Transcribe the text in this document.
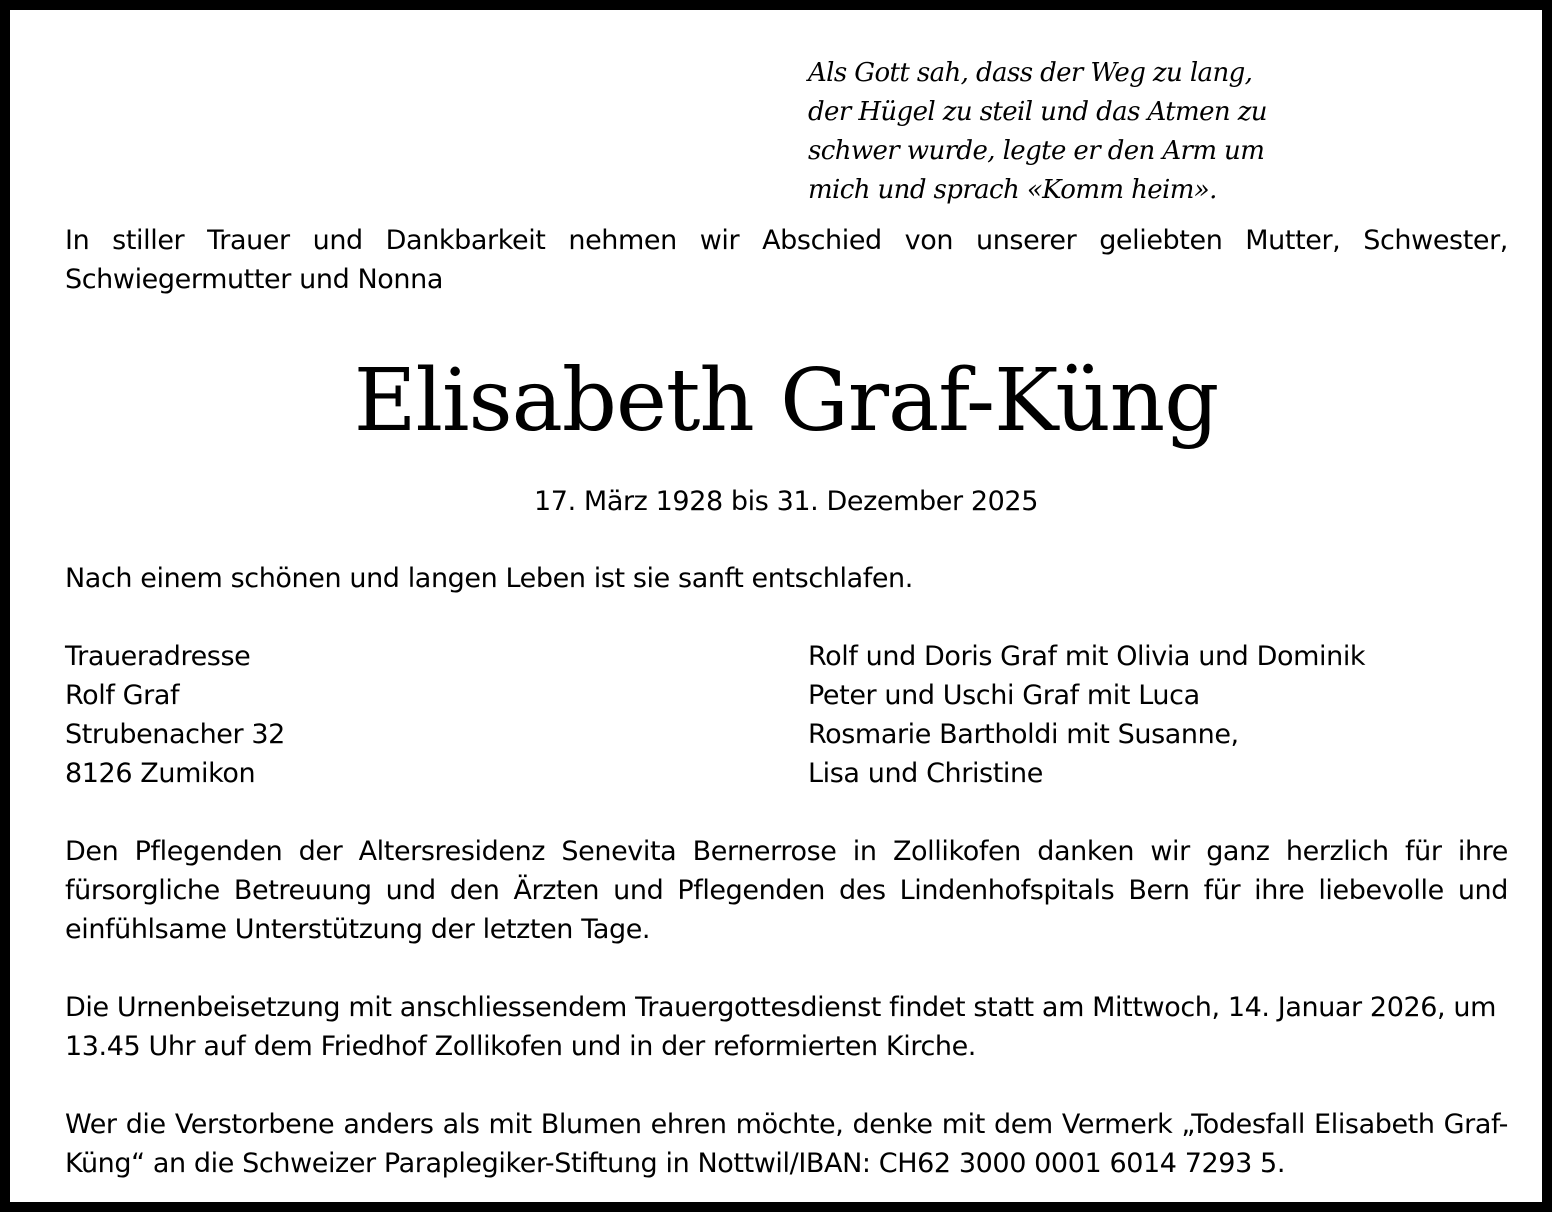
Als Gott sah, dass der Weg zu lang,
der Hügel zu steil und das Atmen zu
schwer wurde, legte er den Arm um
mich und sprach «Komm heim».
In stiller Trauer und Dankbarkeit nehmen wir Abschied von unserer geliebten Mutter, Schwester, Schwiegermutter und Nonna
Elisabeth Graf-Küng
17. März 1928 bis 31. Dezember 2025
Nach einem schönen und langen Leben ist sie sanft entschlafen.
Traueradresse
Rolf Graf
Strubenacher 32
8126 Zumikon
Rolf und Doris Graf mit Olivia und Dominik
Peter und Uschi Graf mit Luca
Rosmarie Bartholdi mit Susanne,
Lisa und Christine
Den Pflegenden der Altersresidenz Senevita Bernerrose in Zollikofen danken wir ganz herzlich für ihre fürsorgliche Betreuung und den Ärzten und Pflegenden des Lindenhofspitals Bern für ihre liebevolle und einfühlsame Unterstützung der letzten Tage.
Die Urnenbeisetzung mit anschliessendem Trauergottesdienst findet statt am Mittwoch, 14. Januar 2026, um 13.45 Uhr auf dem Friedhof Zollikofen und in der reformierten Kirche.
Wer die Verstorbene anders als mit Blumen ehren möchte, denke mit dem Vermerk „Todesfall Elisabeth Graf-Küng“ an die Schweizer Paraplegiker-Stiftung in Nottwil/IBAN: CH62 3000 0001 6014 7293 5.
